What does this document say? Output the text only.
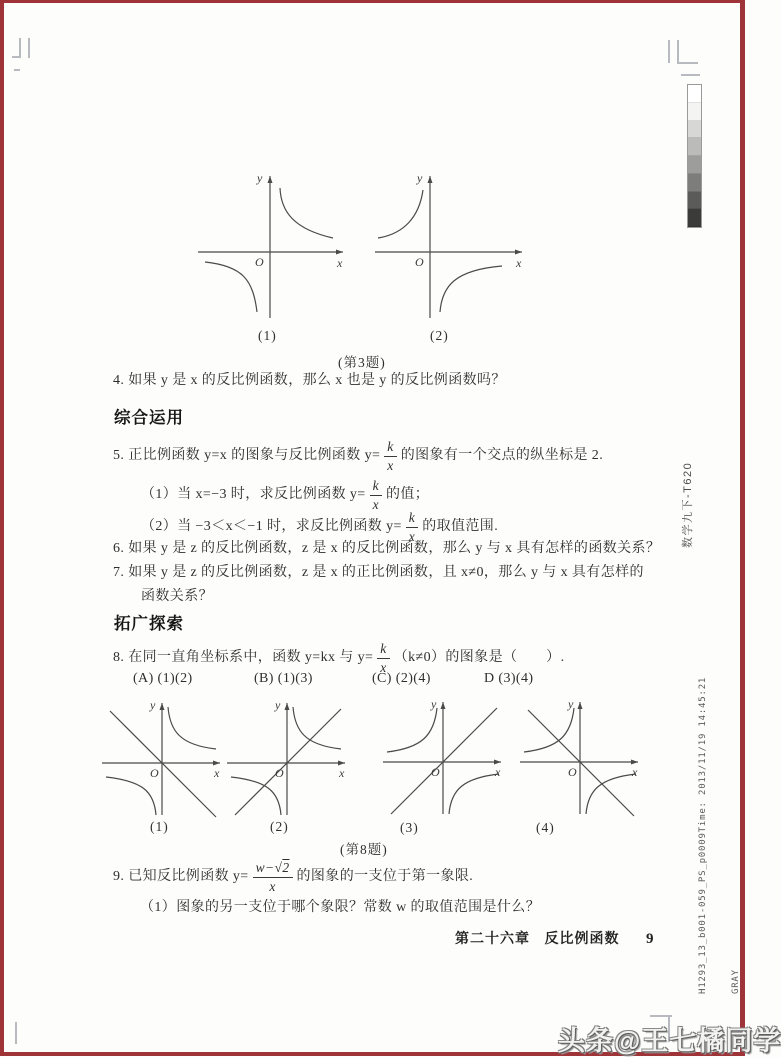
数学九下-T620

H1293_13_b001-059_PS_p0009Time: 2013/11/19 14:45:21

	GRAY

y
x
O
y
x
O
(1)	(2)
(第3题)
4. 如果 y 是 x 的反比例函数，那么 x 也是 y 的反比例函数吗？
综合运用
5. 正比例函数 y=x 的图象与反比例函数 $y= \frac{k}{x}$ 的图象有一个交点的纵坐标是 2.
（1）当 x=−3 时，求反比例函数 $y= \frac{k}{x}$ 的值；
（2）当 −3＜x＜−1 时，求反比例函数 $y= \frac{k}{x}$ 的取值范围.
6. 如果 y 是 z 的反比例函数，z 是 x 的反比例函数，那么 y 与 x 具有怎样的函数关系？
7. 如果 y 是 z 的反比例函数，z 是 x 的正比例函数，且 x≠0，那么 y 与 x 具有怎样的
函数关系？
拓广探索
8. 在同一直角坐标系中，函数 y=kx 与 $y= \frac{k}{x} (k\ne 0)$的图象是（　　）.
(A) (1)(2)	(B) (1)(3)	(C) (2)(4)	D (3)(4)
y
x
O
y
x
O
y
x
O
y
x
O
(1)	(2)	(3)	(4)
(第8题)
9. 已知反比例函数 $y= \frac{w-√2}{x}$ 的图象的一支位于第一象限.
（1）图象的另一支位于哪个象限？常数 w 的取值范围是什么？
第二十六章 反比例函数 9
头条@王七橘同学
